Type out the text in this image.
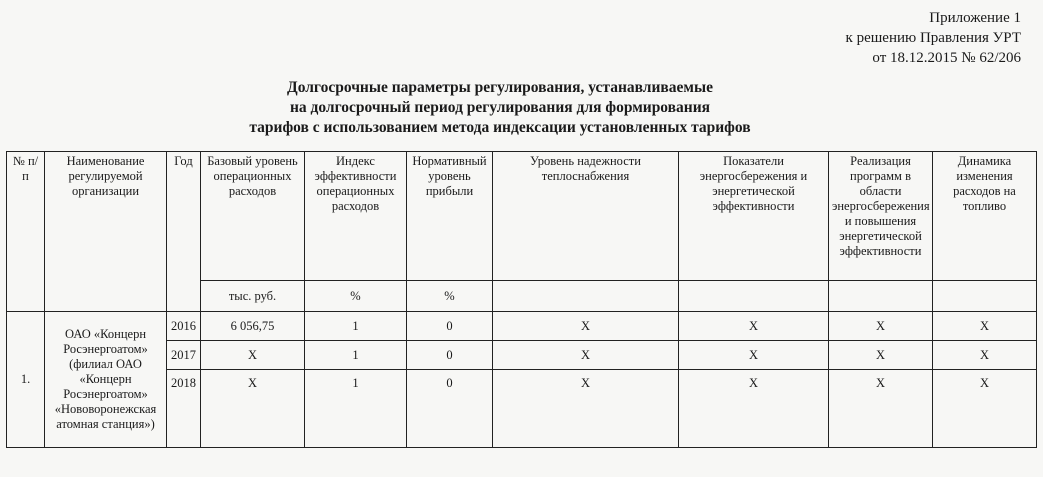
Приложение 1
к решению Правления УРТ
от 18.12.2015 № 62/206
Долгосрочные параметры регулирования, устанавливаемые
на долгосрочный период регулирования для формирования
тарифов с использованием метода индексации установленных тарифов
№ п/п	Наименование регулируемой организации	Год	Базовый уровень операционных расходов	Индекс эффективности операционных расходов	Нормативный уровень прибыли	Уровень надежности теплоснабжения	Показатели энергосбережения и энергетической эффективности	Реализация программ в области энергосбережения и повышения энергетической эффективности	Динамика изменения расходов на топливо
			тыс. руб.	%	%				
1.	ОАО «Концерн Росэнергоатом» (филиал ОАО «Концерн Росэнергоатом» «Нововоронежская атомная станция»)	2016	6 056,75	1	0	X	X	X	X
		2017	X	1	0	X	X	X	X
		2018	X	1	0	X	X	X	X
